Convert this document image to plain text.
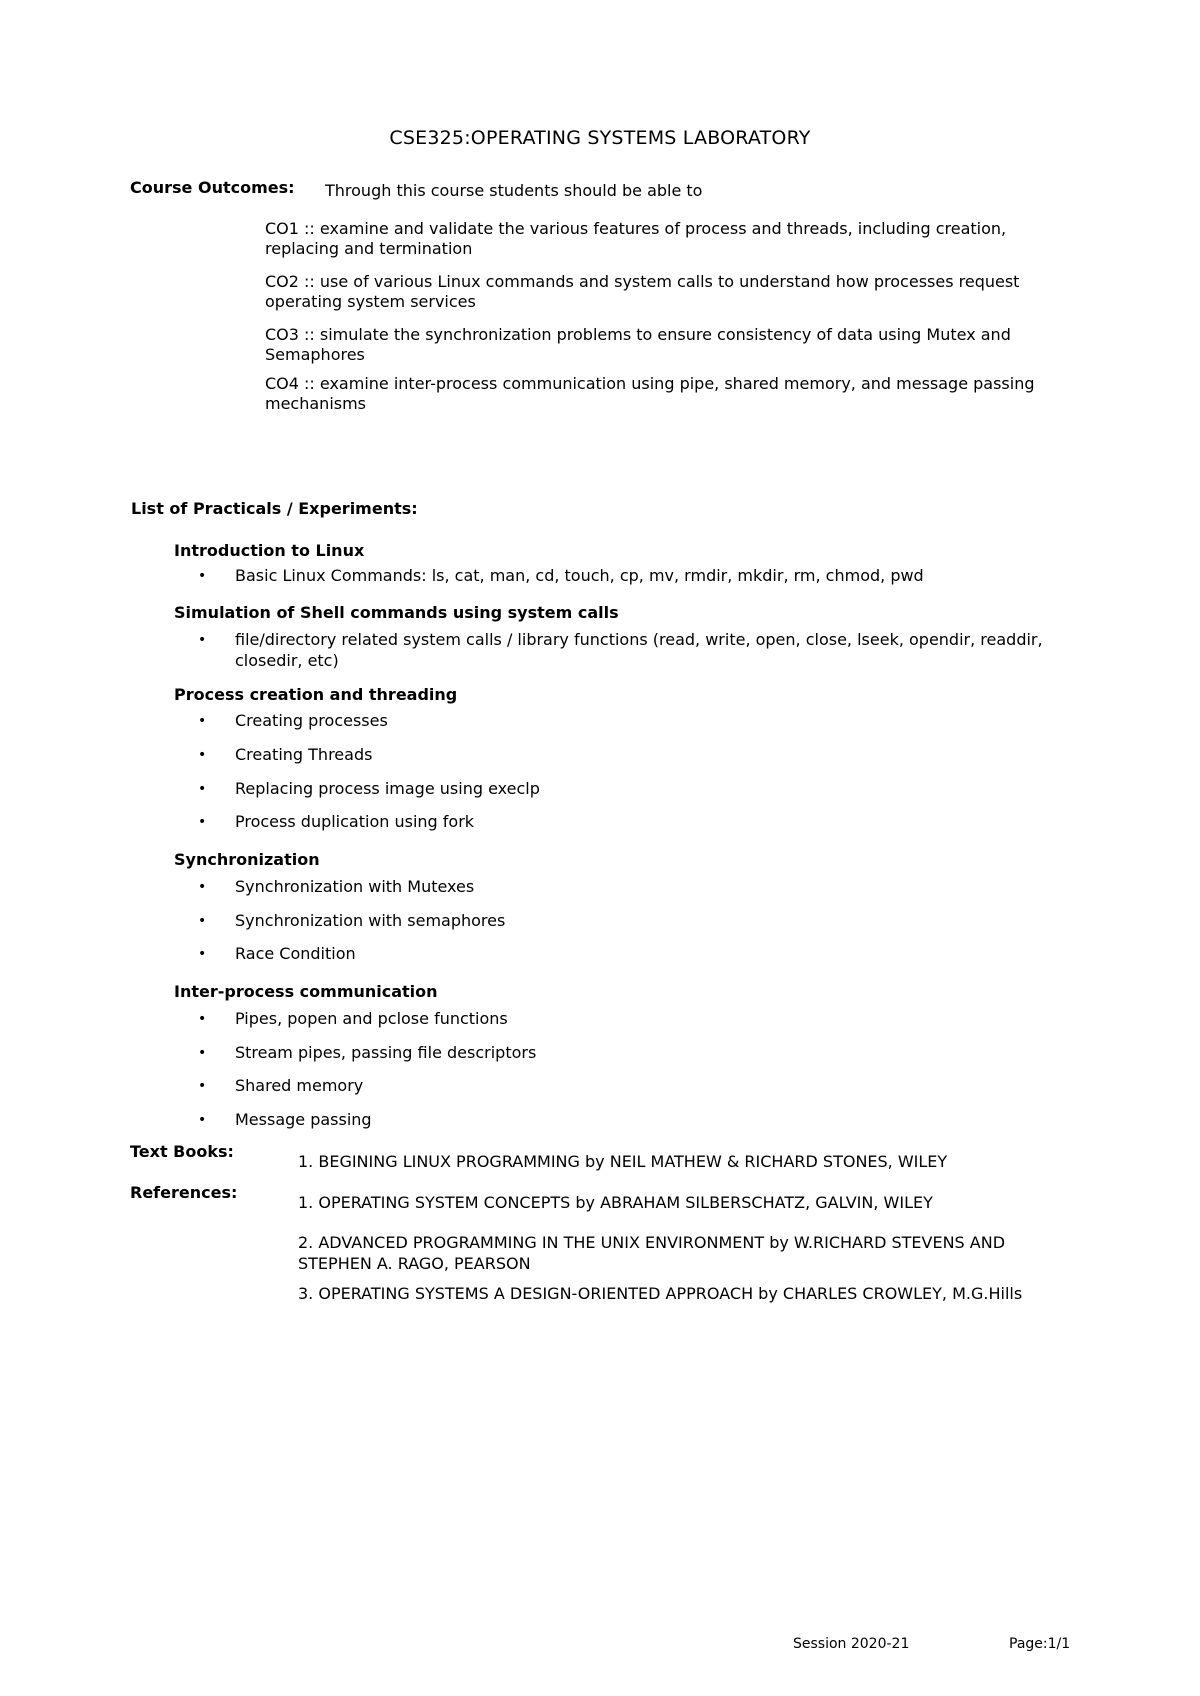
CSE325:OPERATING SYSTEMS LABORATORY
Course Outcomes: Through this course students should be able to
CO1 :: examine and validate the various features of process and threads, including creation, replacing and termination
CO2 :: use of various Linux commands and system calls to understand how processes request operating system services
CO3 :: simulate the synchronization problems to ensure consistency of data using Mutex and Semaphores
CO4 :: examine inter-process communication using pipe, shared memory, and message passing mechanisms
List of Practicals / Experiments:
Introduction to Linux
• Basic Linux Commands: ls, cat, man, cd, touch, cp, mv, rmdir, mkdir, rm, chmod, pwd
Simulation of Shell commands using system calls
• file/directory related system calls / library functions (read, write, open, close, lseek, opendir, readdir, closedir, etc)
Process creation and threading
• Creating processes
• Creating Threads
• Replacing process image using execlp
• Process duplication using fork
Synchronization
• Synchronization with Mutexes
• Synchronization with semaphores
• Race Condition
Inter-process communication
• Pipes, popen and pclose functions
• Stream pipes, passing file descriptors
• Shared memory
• Message passing
Text Books:
1. BEGINING LINUX PROGRAMMING by NEIL MATHEW & RICHARD STONES, WILEY
References:
1. OPERATING SYSTEM CONCEPTS by ABRAHAM SILBERSCHATZ, GALVIN, WILEY
2. ADVANCED PROGRAMMING IN THE UNIX ENVIRONMENT by W.RICHARD STEVENS AND STEPHEN A. RAGO, PEARSON
3. OPERATING SYSTEMS A DESIGN-ORIENTED APPROACH by CHARLES CROWLEY, M.G.Hills
Session 2020-21	Page:1/1
